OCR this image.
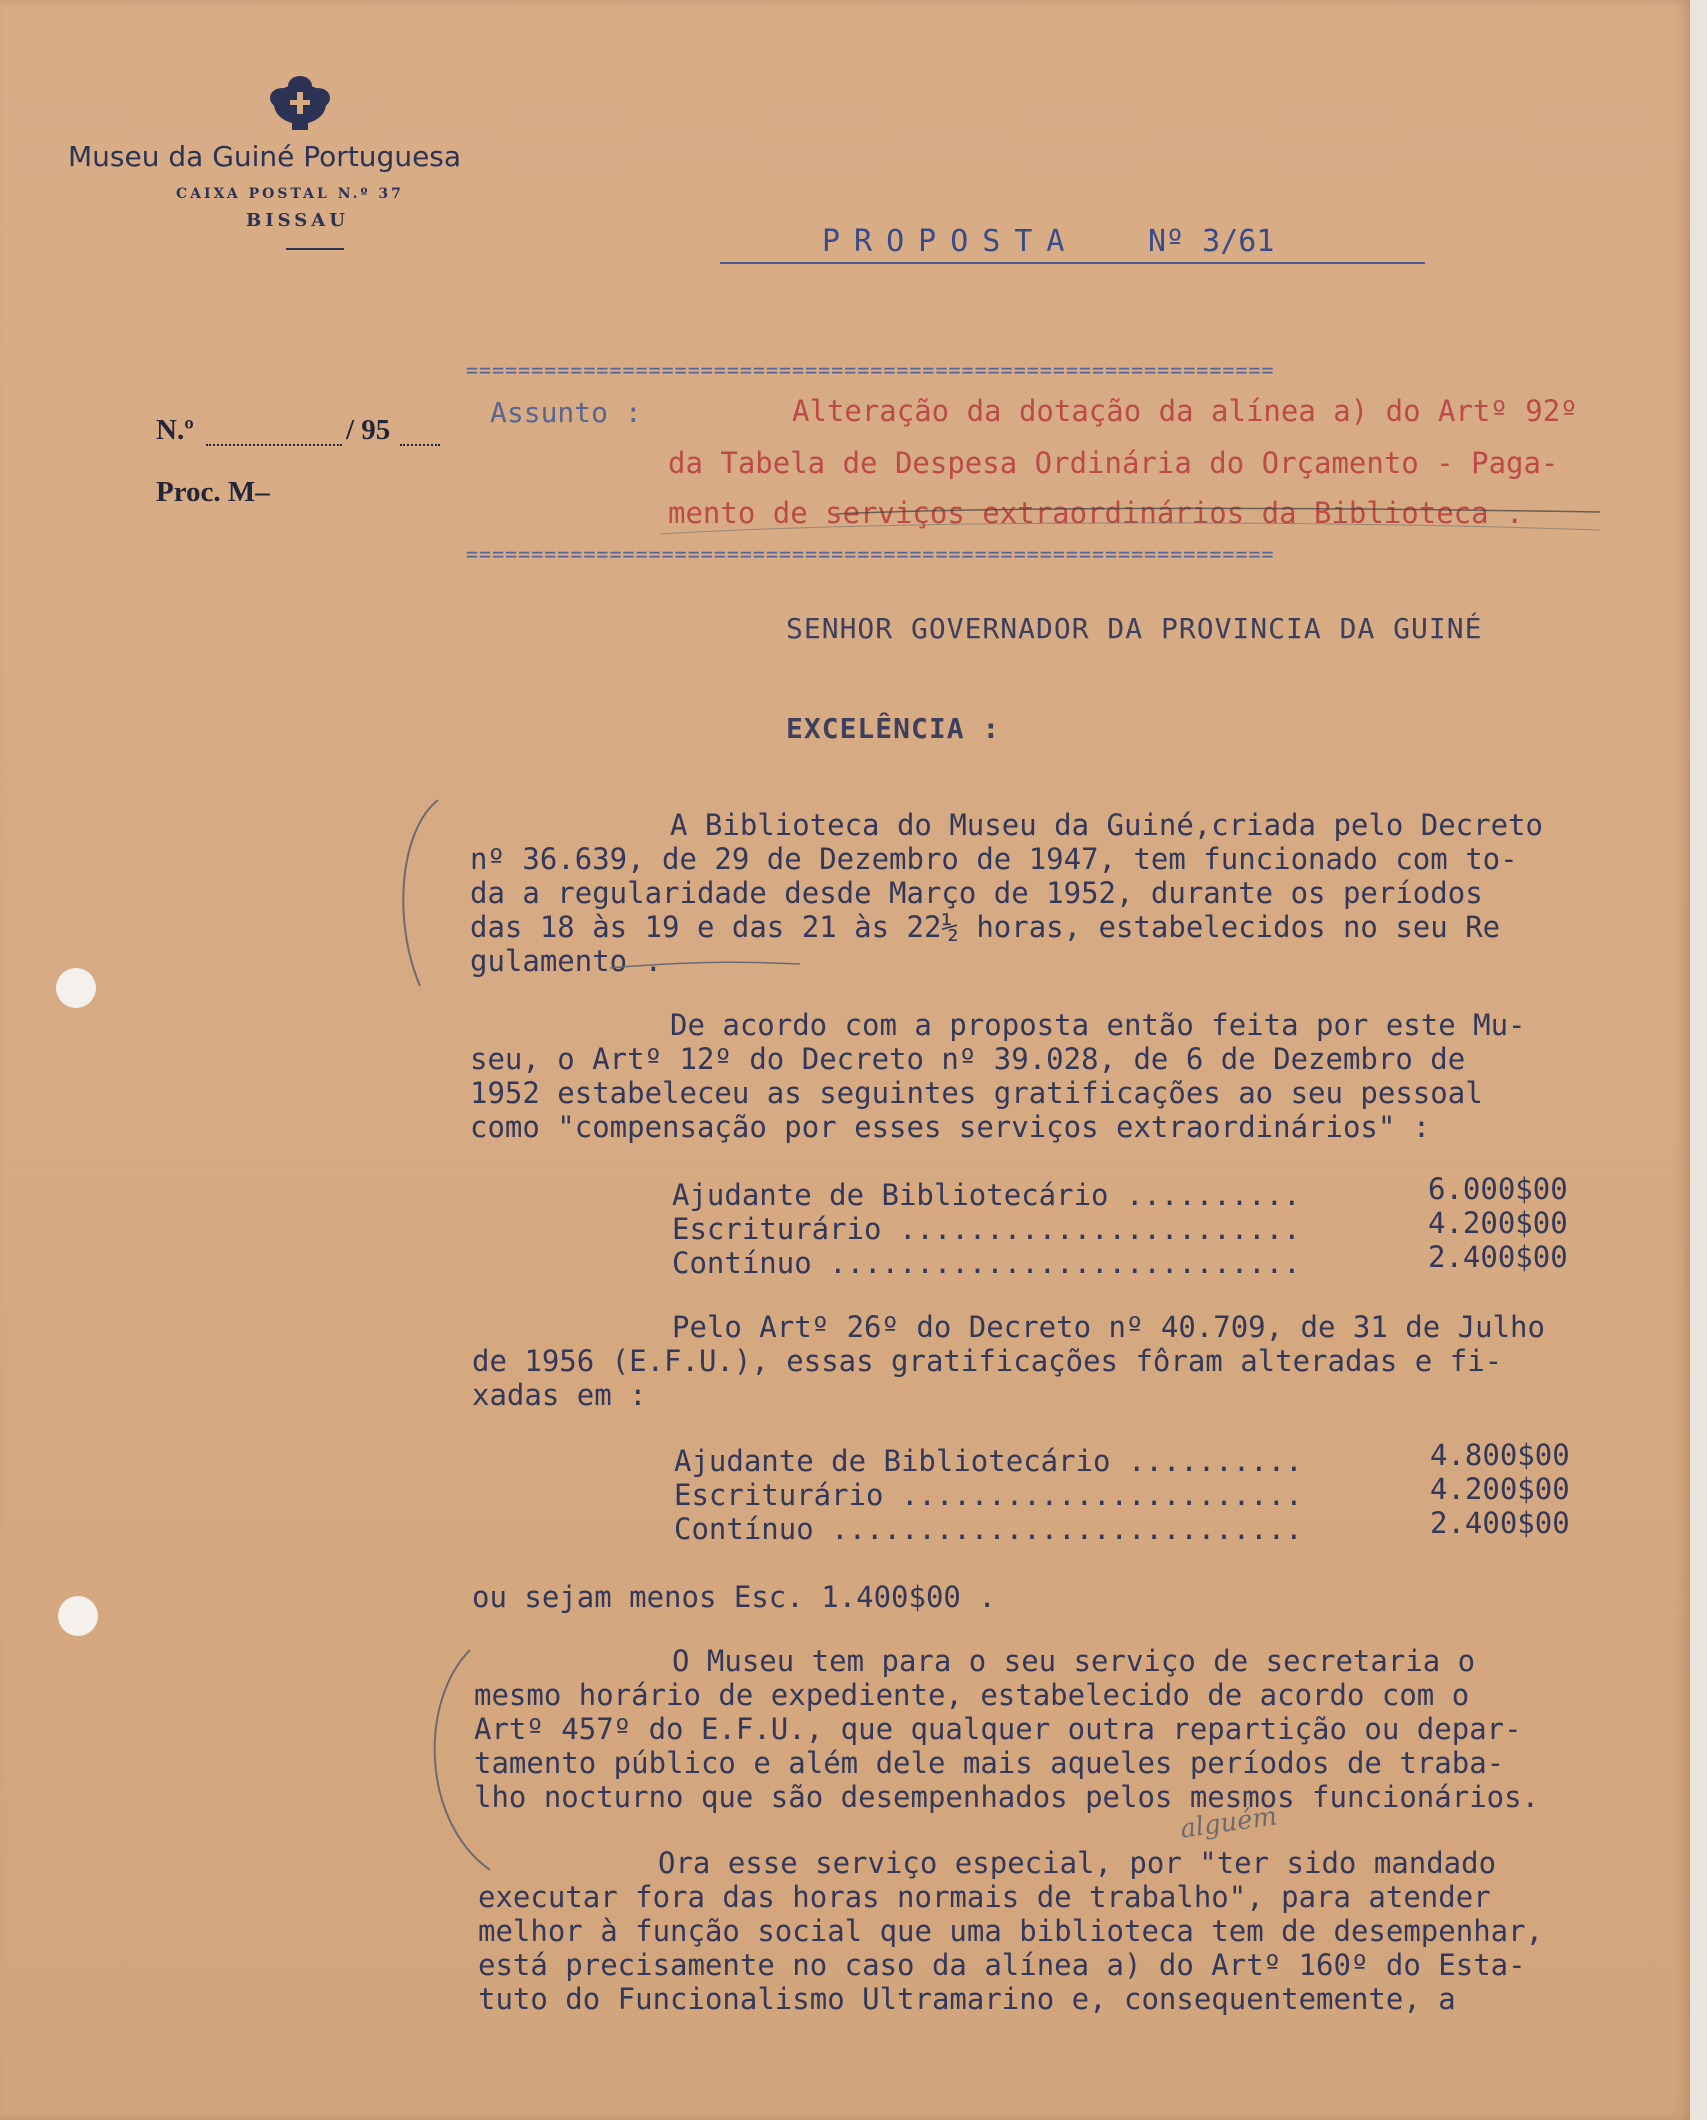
Museu da Guiné Portuguesa
CAIXA POSTAL N.º 37
BISSAU
N.º	/ 95
Proc. M–
PROPOSTA Nº 3/61
==============================================================
Assunto :	Alteração da dotação da alínea a) do Artº 92º
da Tabela de Despesa Ordinária do Orçamento - Paga-
mento de serviços extraordinários da Biblioteca .
==============================================================
SENHOR GOVERNADOR DA PROVINCIA DA GUINÉ
EXCELÊNCIA :
A Biblioteca do Museu da Guiné,criada pelo Decreto
nº 36.639, de 29 de Dezembro de 1947, tem funcionado com to-
da a regularidade desde Março de 1952, durante os períodos
das 18 às 19 e das 21 às 22½ horas, estabelecidos no seu Re
gulamento .
De acordo com a proposta então feita por este Mu-
seu, o Artº 12º do Decreto nº 39.028, de 6 de Dezembro de
1952 estabeleceu as seguintes gratificações ao seu pessoal
como "compensação por esses serviços extraordinários" :
Ajudante de Bibliotecário ..........	6.000$00
Escriturário .......................	4.200$00
Contínuo ...........................	2.400$00
Pelo Artº 26º do Decreto nº 40.709, de 31 de Julho
de 1956 (E.F.U.), essas gratificações fôram alteradas e fi-
xadas em :
Ajudante de Bibliotecário ..........	4.800$00
Escriturário .......................	4.200$00
Contínuo ...........................	2.400$00
ou sejam menos Esc. 1.400$00 .
O Museu tem para o seu serviço de secretaria o
mesmo horário de expediente, estabelecido de acordo com o
Artº 457º do E.F.U., que qualquer outra repartição ou depar-
tamento público e além dele mais aqueles períodos de traba-
lho nocturno que são desempenhados pelos mesmos funcionários.
Ora esse serviço especial, por "ter sido mandado
executar fora das horas normais de trabalho", para atender
melhor à função social que uma biblioteca tem de desempenhar,
está precisamente no caso da alínea a) do Artº 160º do Esta-
tuto do Funcionalismo Ultramarino e, consequentemente, a
alguém
